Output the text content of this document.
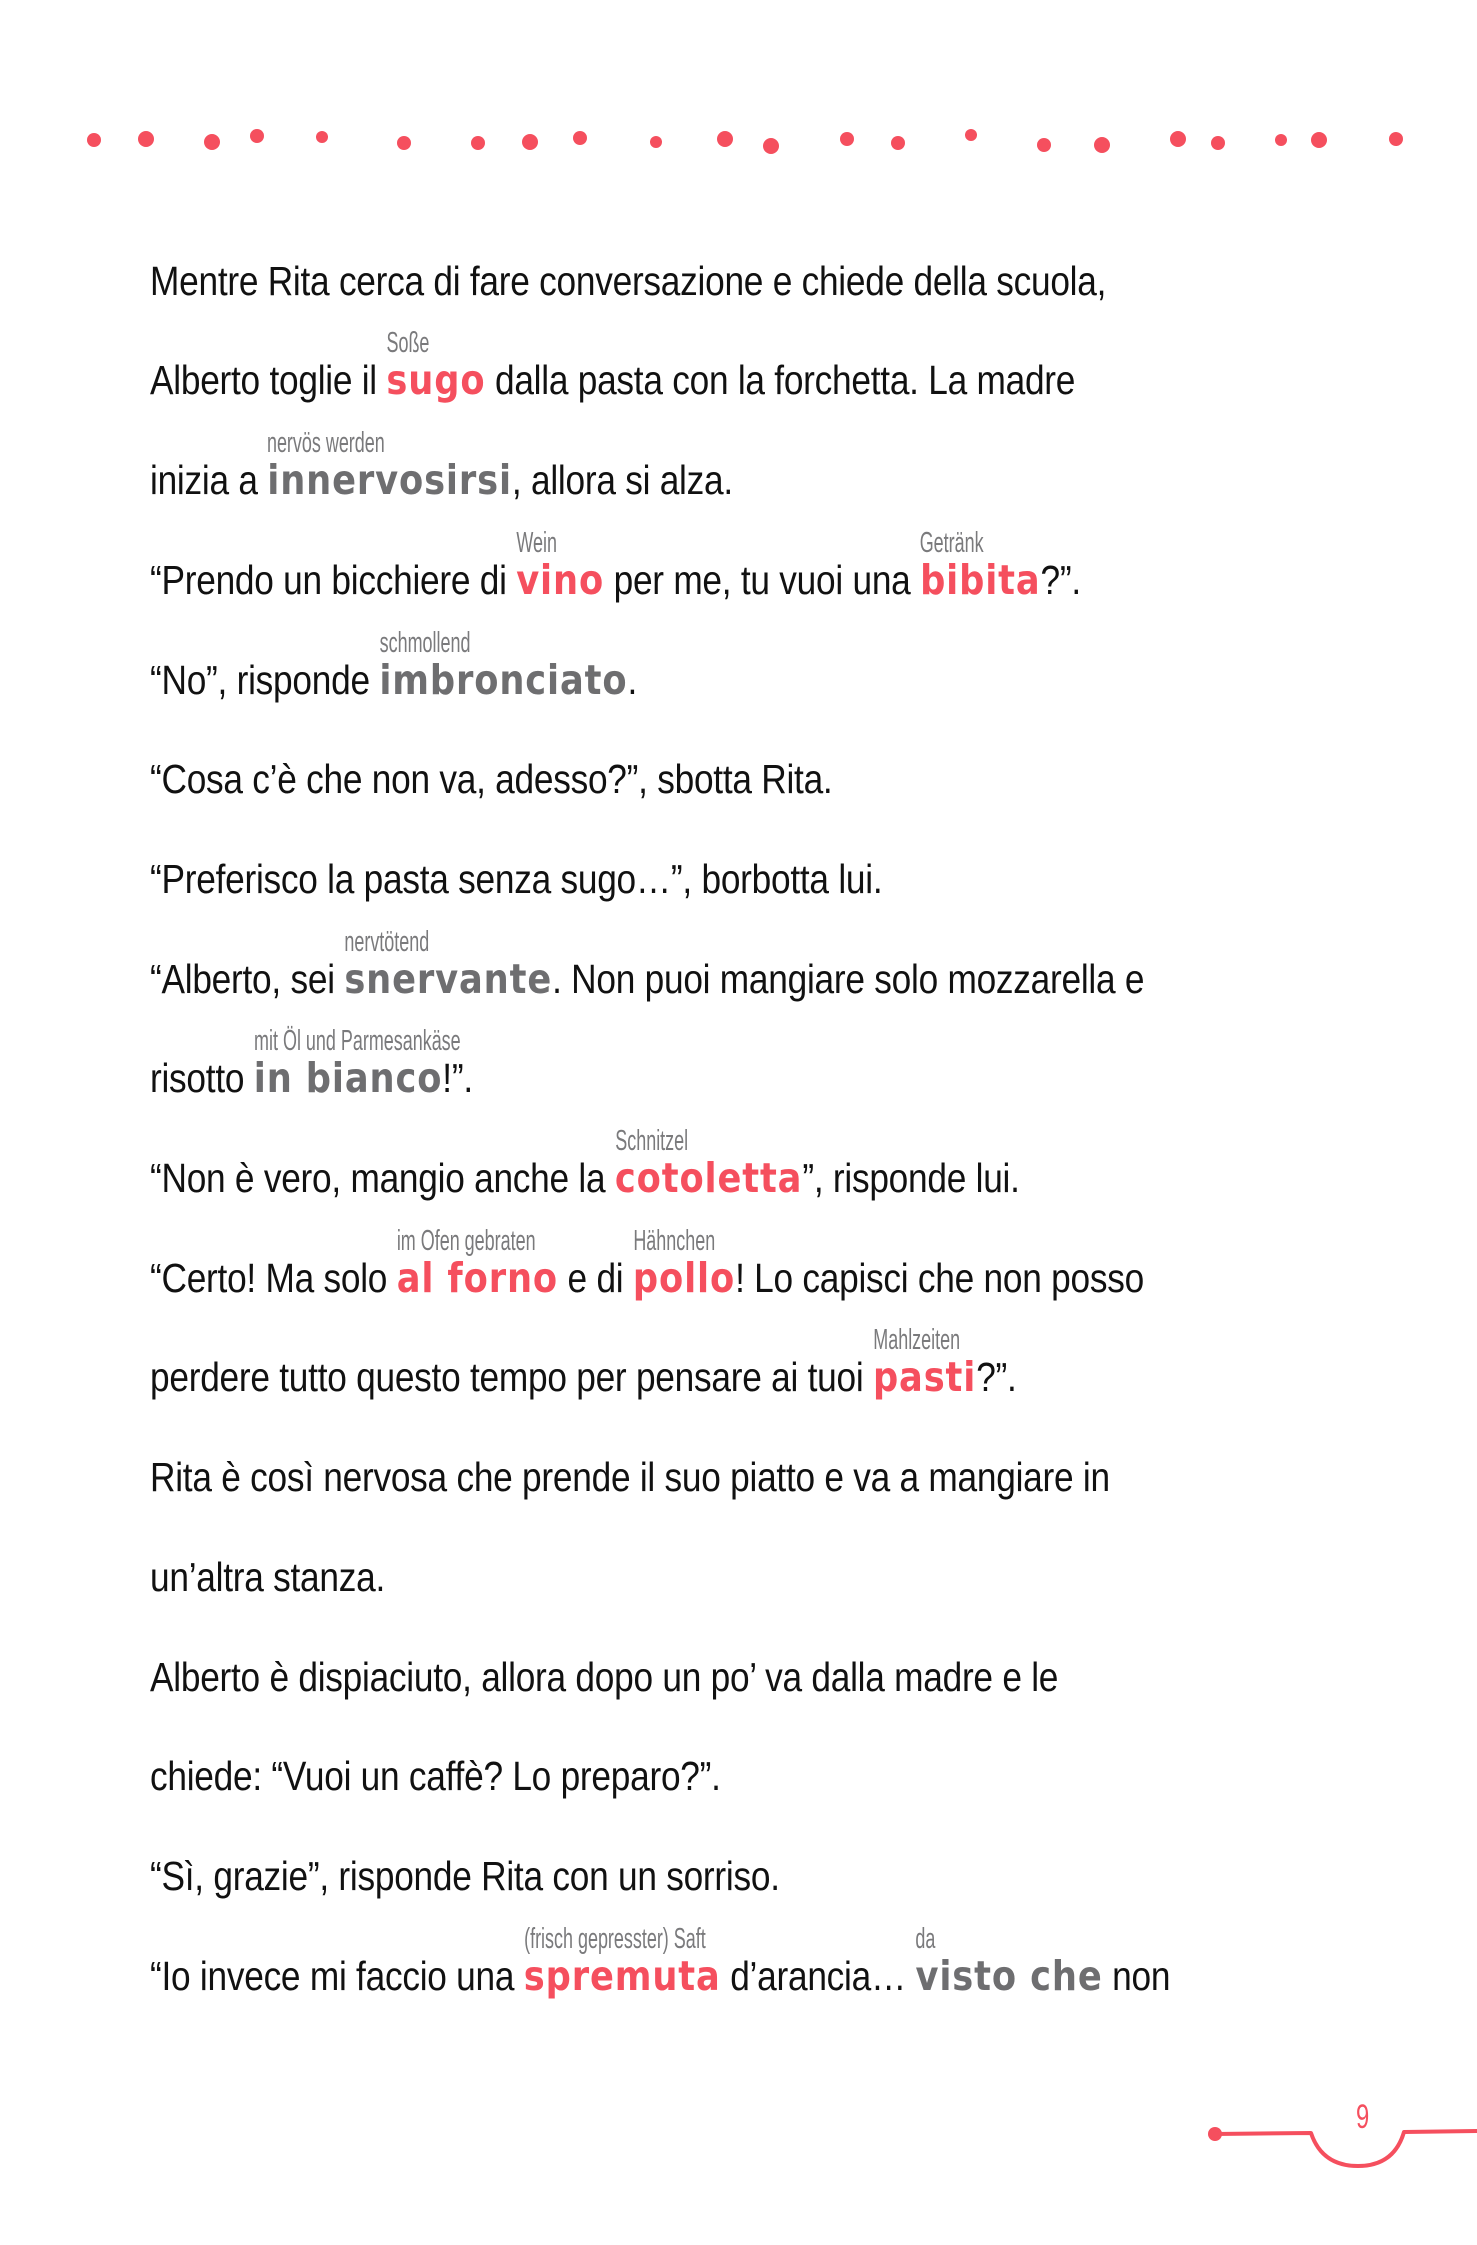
Mentre Rita cerca di fare conversazione e chiede della scuola,
Alberto toglie il sugo
Soße
dalla pasta con la forchetta. La madre
inizia a innervosirsi
nervös werden
, allora si alza.
“Prendo un bicchiere di vino
Wein
per me, tu vuoi una bibita
Getränk
?”.
“No”, risponde imbronciato
schmollend
.
“Cosa c’è che non va, adesso?”, sbotta Rita.
“Preferisco la pasta senza sugo…”, borbotta lui.
“Alberto, sei snervante
nervtötend
. Non puoi mangiare solo mozzarella e
risotto in bianco
mit Öl und Parmesankäse
!”.
“Non è vero, mangio anche la cotoletta
Schnitzel
”, risponde lui.
“Certo! Ma solo al forno
im Ofen gebraten
e di pollo
Hähnchen
! Lo capisci che non posso
perdere tutto questo tempo per pensare ai tuoi pasti
Mahlzeiten
?”.
Rita è così nervosa che prende il suo piatto e va a mangiare in
un’altra stanza.
Alberto è dispiaciuto, allora dopo un po’ va dalla madre e le
chiede: “Vuoi un caffè? Lo preparo?”.
“Sì, grazie”, risponde Rita con un sorriso.
“Io invece mi faccio una spremuta
(frisch gepresster) Saft
d’arancia… visto che
da
non
9
